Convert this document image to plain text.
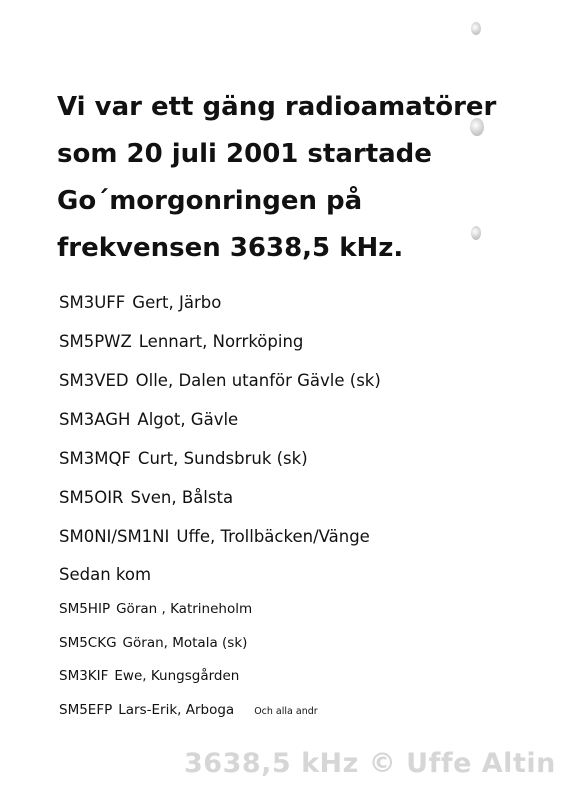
Vi var ett gäng radioamatörer
som 20 juli 2001 startade
Go´morgonringen på
frekvensen 3638,5 kHz.
SM3UFF Gert, Järbo
SM5PWZ Lennart, Norrköping
SM3VED Olle, Dalen utanför Gävle (sk)
SM3AGH Algot, Gävle
SM3MQF Curt, Sundsbruk (sk)
SM5OIR Sven, Bålsta
SM0NI/SM1NI Uffe, Trollbäcken/Vänge
Sedan kom
SM5HIP Göran , Katrineholm
SM5CKG Göran, Motala (sk)
SM3KIF Ewe, Kungsgården
SM5EFP Lars-Erik, Arboga Och alla andr
3638,5 kHz © Uffe Altin
